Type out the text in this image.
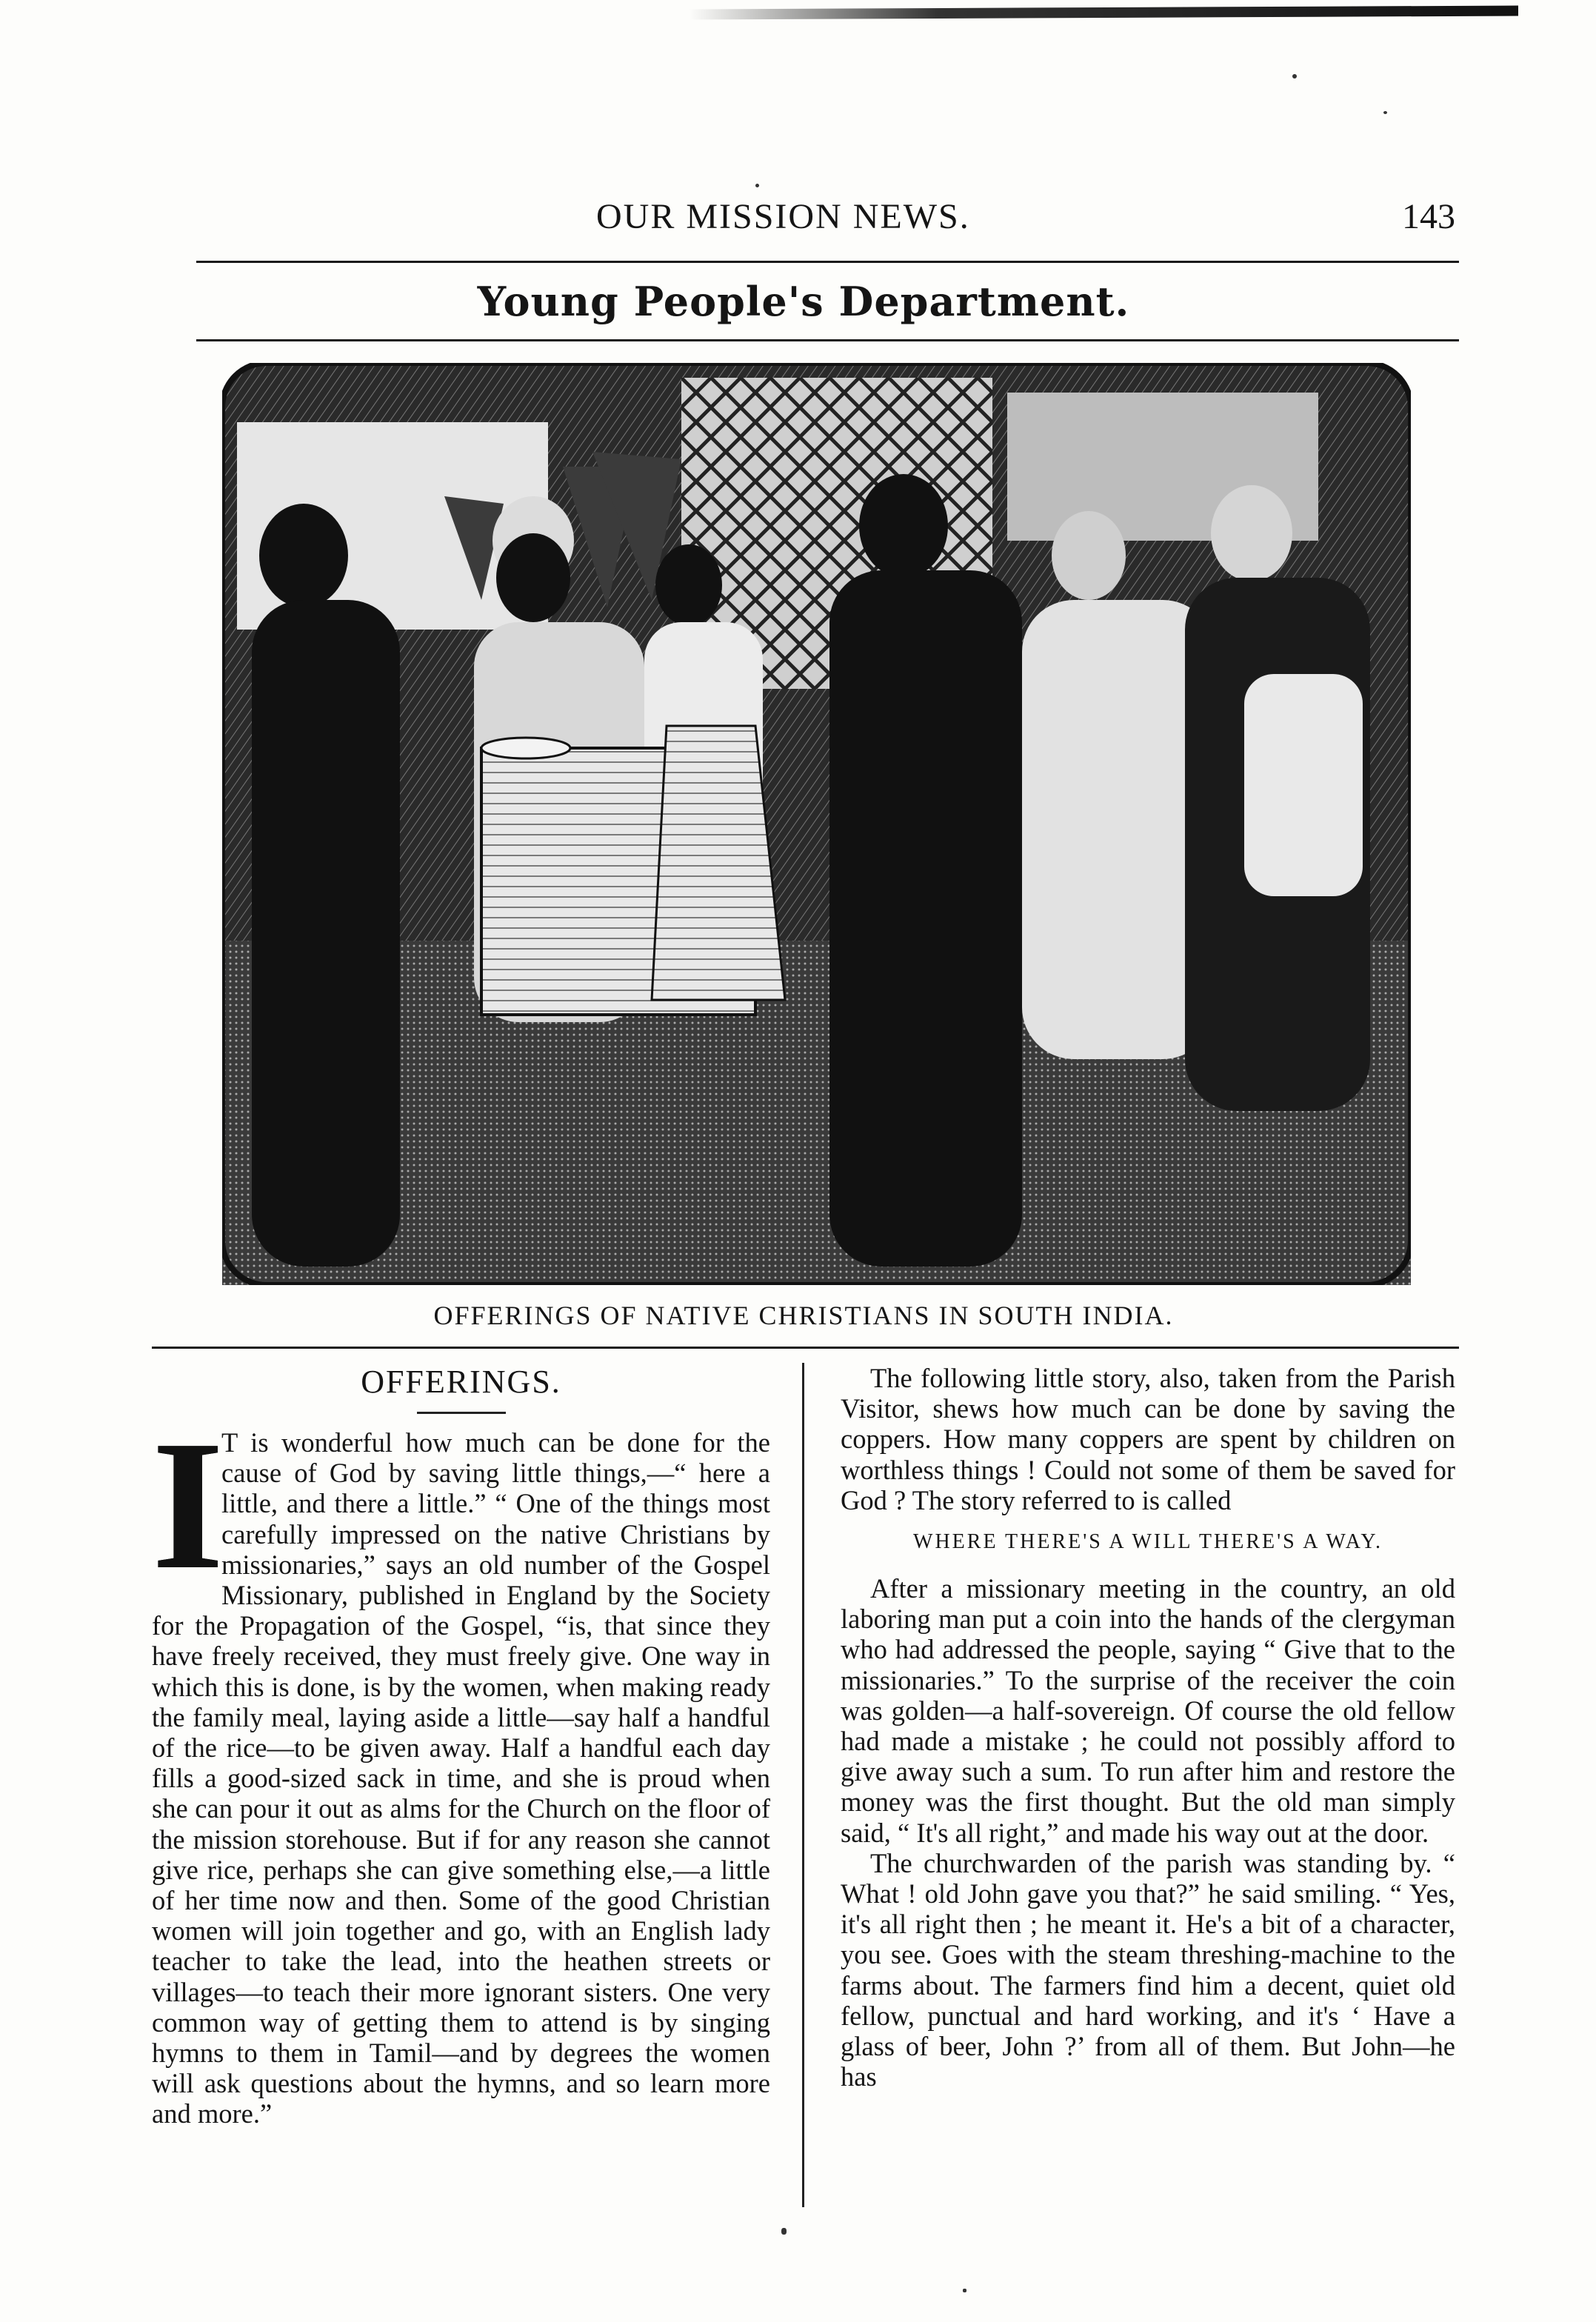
OUR MISSION NEWS.	143
Young People's Department.
OFFERINGS OF NATIVE CHRISTIANS IN SOUTH INDIA.
OFFERINGS.
I

T is wonderful how much can be done for the cause of God by saving little things,—“ here a little, and there a little.” “ One of the things most carefully impressed on the native Christians by missionaries,” says an old number of the Gospel Missionary, published in England by the Society for the Propagation of the Gospel, “is, that since they have freely received, they must freely give. One way in which this is done, is by the women, when making ready the family meal, laying aside a little—say half a handful of the rice—to be given away. Half a handful each day fills a good-sized sack in time, and she is proud when she can pour it out as alms for the Church on the floor of the mission storehouse. But if for any reason she cannot give rice, perhaps she can give something else,—a little of her time now and then. Some of the good Christian women will join together and go, with an English lady teacher to take the lead, into the heathen streets or villages—to teach their more ignorant sisters. One very common way of getting them to attend is by singing hymns to them in Tamil—and by degrees the women will ask questions about the hymns, and so learn more and more.”

The following little story, also, taken from the Parish Visitor, shews how much can be done by saving the coppers. How many coppers are spent by children on worthless things ! Could not some of them be saved for God ? The story referred to is called

WHERE THERE'S A WILL THERE'S A WAY.

After a missionary meeting in the country, an old laboring man put a coin into the hands of the clergyman who had addressed the people, saying “ Give that to the missionaries.” To the surprise of the receiver the coin was golden—a half-sovereign. Of course the old fellow had made a mistake ; he could not possibly afford to give away such a sum. To run after him and restore the money was the first thought. But the old man simply said, “ It's all right,” and made his way out at the door.

The churchwarden of the parish was standing by. “ What ! old John gave you that?” he said smiling. “ Yes, it's all right then ; he meant it. He's a bit of a character, you see. Goes with the steam threshing-machine to the farms about. The farmers find him a decent, quiet old fellow, punctual and hard working, and it's ‘ Have a glass of beer, John ?’ from all of them. But John—he has
